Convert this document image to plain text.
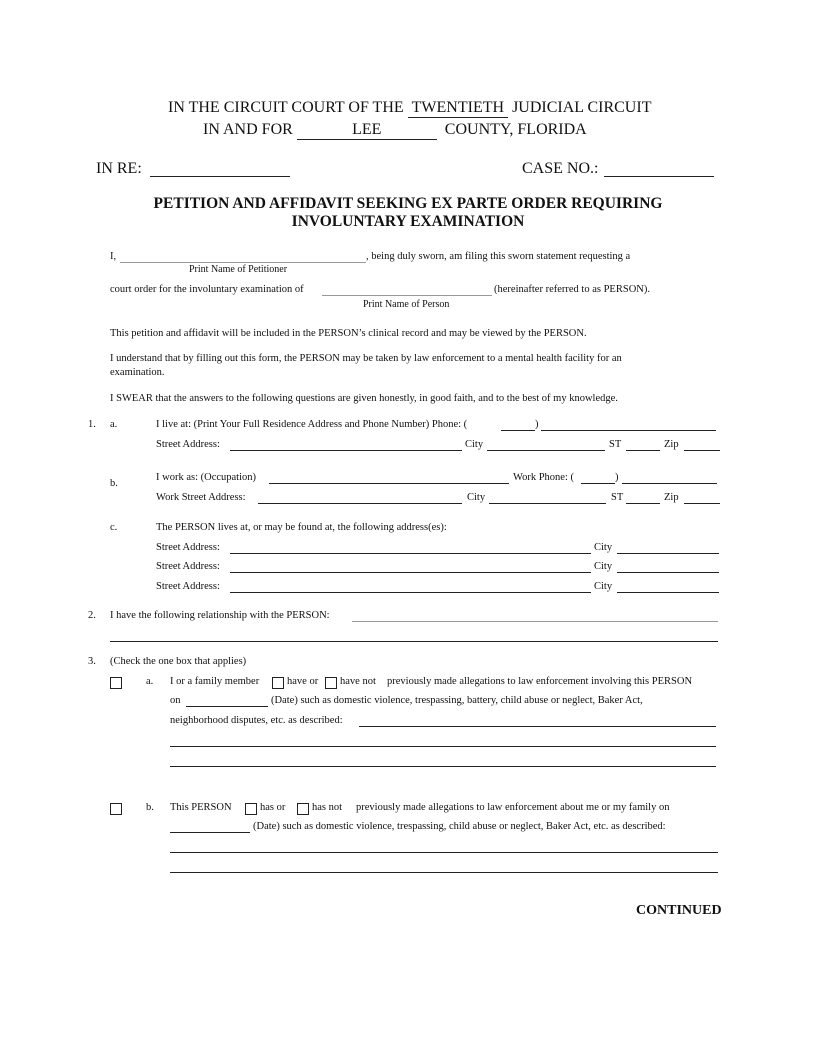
IN THE CIRCUIT COURT OF THE TWENTIETH JUDICIAL CIRCUIT
IN AND FOR	LEE	COUNTY, FLORIDA
IN RE:	CASE NO.:
PETITION AND AFFIDAVIT SEEKING EX PARTE ORDER REQUIRING
INVOLUNTARY EXAMINATION
I,	, being duly sworn, am filing this sworn statement requesting a
Print Name of Petitioner
court order for the involuntary examination of	(hereinafter referred to as PERSON).
Print Name of Person
This petition and affidavit will be included in the PERSON’s clinical record and may be viewed by the PERSON.
I understand that by filling out this form, the PERSON may be taken by law enforcement to a mental health facility for an
examination.
I SWEAR that the answers to the following questions are given honestly, in good faith, and to the best of my knowledge.
1. a.	I live at: (Print Your Full Residence Address and Phone Number) Phone: (	)
Street Address:	City	ST	Zip
b.
I work as: (Occupation)	Work Phone: (	)
Work Street Address:	City	ST	Zip
c.	The PERSON lives at, or may be found at, the following address(es):
Street Address:	City
Street Address:	City
Street Address:	City
2. I have the following relationship with the PERSON:
3. (Check the one box that applies)
a. I or a family member	have or have not previously made allegations to law enforcement involving this PERSON
on	(Date) such as domestic violence, trespassing, battery, child abuse or neglect, Baker Act,
neighborhood disputes, etc. as described:
b. This PERSON	has or	has not previously made allegations to law enforcement about me or my family on
(Date) such as domestic violence, trespassing, child abuse or neglect, Baker Act, etc. as described:
CONTINUED
